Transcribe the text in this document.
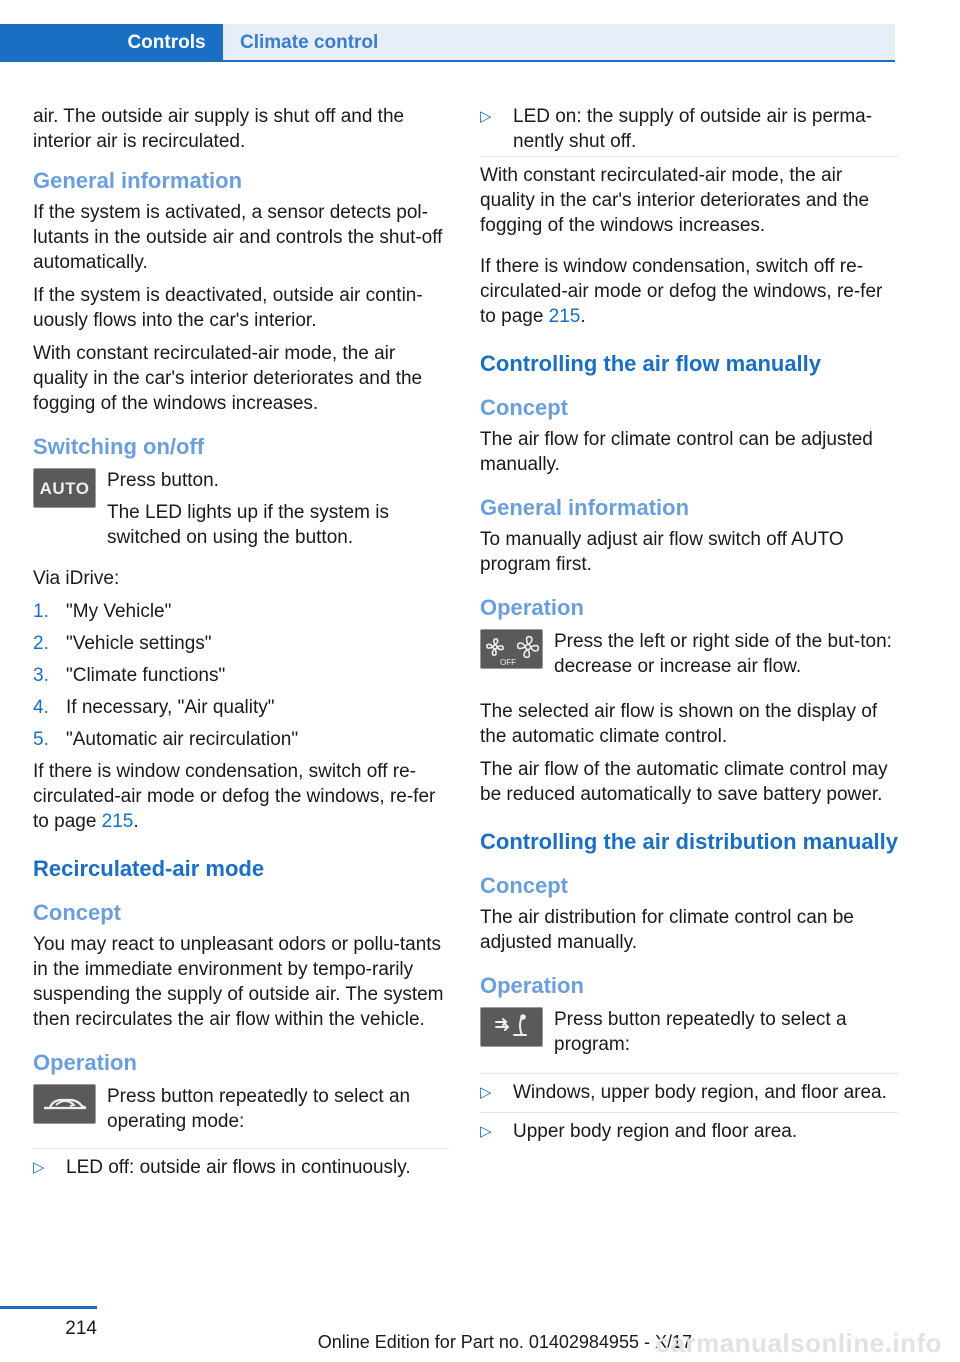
Controls	Climate control

air. The outside air supply is shut off and the interior air is recirculated.

General information

If the system is activated, a sensor detects pol‐lutants in the outside air and controls the shut‐off automatically.

If the system is deactivated, outside air contin‐uously flows into the car's interior.

With constant recirculated-air mode, the air quality in the car's interior deteriorates and the fogging of the windows increases.

Switching on/off
AUTO Press button.

The LED lights up if the system is switched on using the button.

Via iDrive:

1. "My Vehicle"
2. "Vehicle settings"
3. "Climate functions"
4. If necessary, "Air quality"
5. "Automatic air recirculation"

If there is window condensation, switch off re‐circulated-air mode or defog the windows, re‐fer to page 215.

Recirculated-air mode
Concept

You may react to unpleasant odors or pollu‐tants in the immediate environment by tempo‐rarily suspending the supply of outside air. The system then recirculates the air flow within the vehicle.

Operation

Press button repeatedly to select an operating mode:

▷ LED off: outside air flows in continuously.
▷ LED on: the supply of outside air is perma‐nently shut off.

With constant recirculated-air mode, the air quality in the car's interior deteriorates and the fogging of the windows increases.

If there is window condensation, switch off re‐circulated-air mode or defog the windows, re‐fer to page 215.

Controlling the air flow manually
Concept

The air flow for climate control can be adjusted manually.

General information

To manually adjust air flow switch off AUTO program first.

Operation
OFF

Press the left or right side of the but‐ton: decrease or increase air flow.

The selected air flow is shown on the display of the automatic climate control.

The air flow of the automatic climate control may be reduced automatically to save battery power.

Controlling the air distribution manually
Concept

The air distribution for climate control can be adjusted manually.

Operation

Press button repeatedly to select a program:

▷ Windows, upper body region, and floor area.
▷ Upper body region and floor area.
214
Online Edition for Part no. 01402984955 - X/17
carmanualsonline.info
